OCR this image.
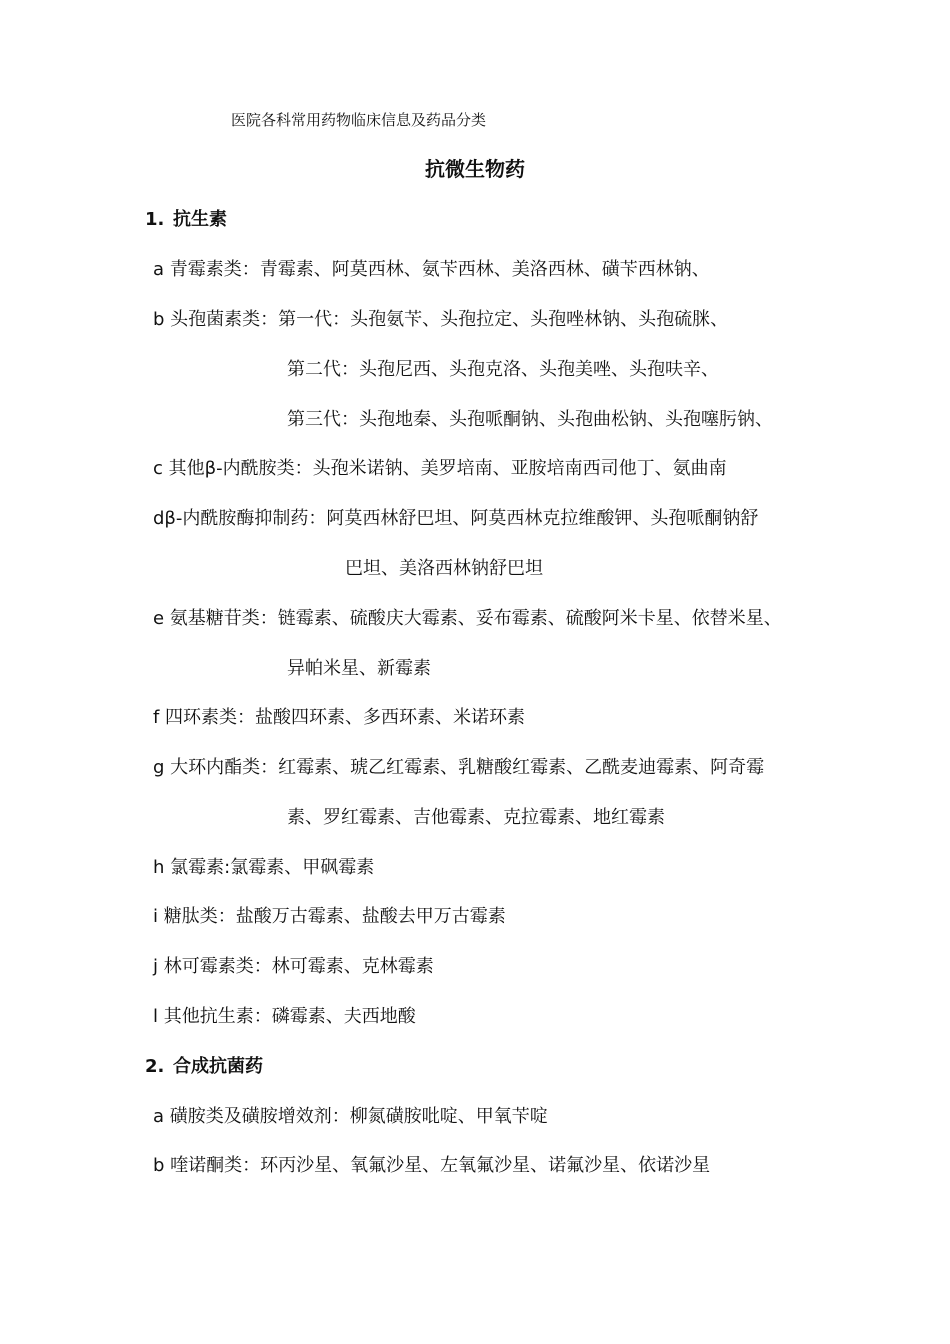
医院各科常用药物临床信息及药品分类
抗微生物药
1. 抗生素
a 青霉素类：青霉素、阿莫西林、氨苄西林、美洛西林、磺苄西林钠、
b 头孢菌素类：第一代：头孢氨苄、头孢拉定、头孢唑林钠、头孢硫脒、
第二代：头孢尼西、头孢克洛、头孢美唑、头孢呋辛、
第三代：头孢地秦、头孢哌酮钠、头孢曲松钠、头孢噻肟钠、
c 其他β-内酰胺类：头孢米诺钠、美罗培南、亚胺培南西司他丁、氨曲南
dβ-内酰胺酶抑制药：阿莫西林舒巴坦、阿莫西林克拉维酸钾、头孢哌酮钠舒
巴坦、美洛西林钠舒巴坦
e 氨基糖苷类：链霉素、硫酸庆大霉素、妥布霉素、硫酸阿米卡星、依替米星、
异帕米星、新霉素
f 四环素类：盐酸四环素、多西环素、米诺环素
g 大环内酯类：红霉素、琥乙红霉素、乳糖酸红霉素、乙酰麦迪霉素、阿奇霉
素、罗红霉素、吉他霉素、克拉霉素、地红霉素
h 氯霉素:氯霉素、甲砜霉素
i 糖肽类：盐酸万古霉素、盐酸去甲万古霉素
j 林可霉素类：林可霉素、克林霉素
l 其他抗生素：磷霉素、夫西地酸
2. 合成抗菌药
a 磺胺类及磺胺增效剂：柳氮磺胺吡啶、甲氧苄啶
b 喹诺酮类：环丙沙星、氧氟沙星、左氧氟沙星、诺氟沙星、依诺沙星
